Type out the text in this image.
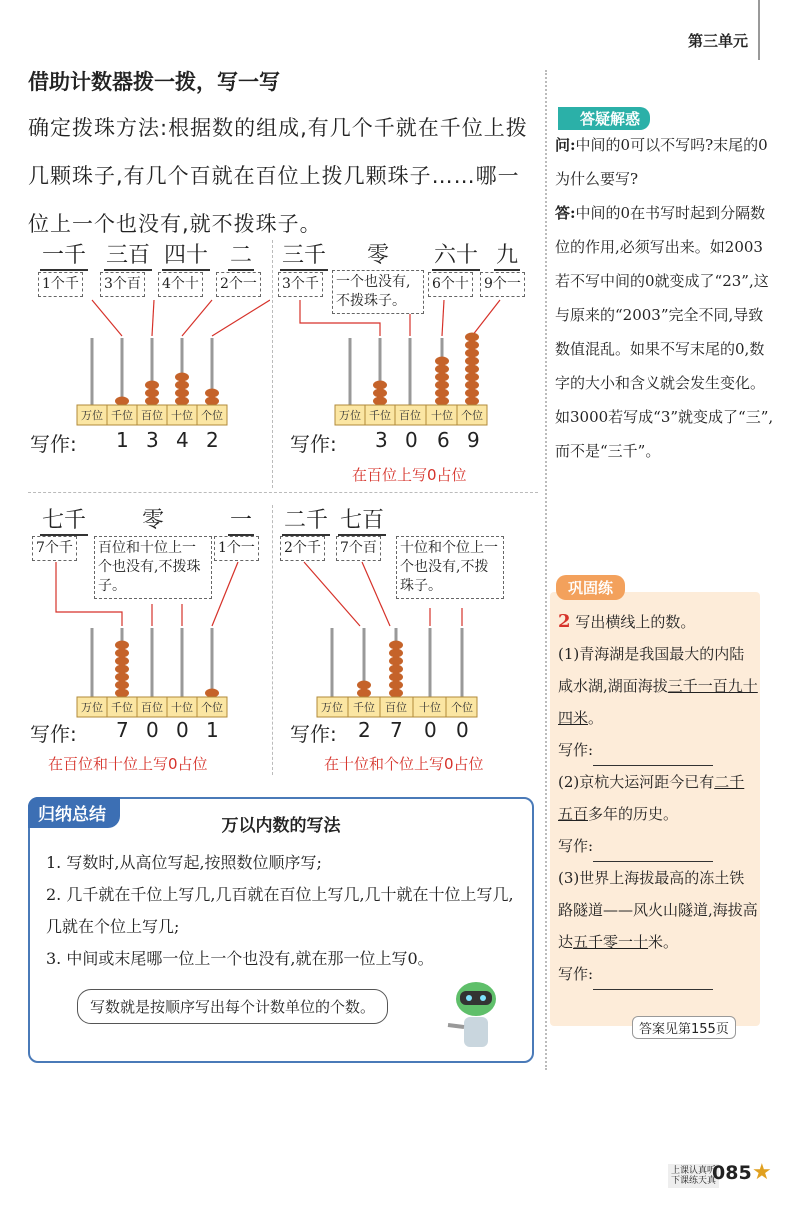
第三单元
借助计数器拨一拨，写一写
确定拨珠方法:根据数的组成,有几个千就在千位上拨几颗珠子,有几个百就在百位上拨几颗珠子……哪一位上一个也没有,就不拨珠子。
一千 三百 四十 二
1个千 3个百 4个十 2个一
万位 千位 百位 十位 个位
写作: 1 3 4 2
三千 零 六十 九
3个千 一个也没有,不拨珠子。
6个十 9个一
万位 千位 百位 十位 个位
写作: 3 0 6 9
在百位上写0占位
七千	零	一
7个千 百位和十位上一个也没有,不拨珠子。
1个一
万位 千位 百位 十位 个位
写作: 7 0 0 1
在百位和十位上写0占位
二千 七百
2个千 7个百 十位和个位上一个也没有,不拨珠子。
万位 千位 百位 十位 个位
写作: 2 7 0 0
在十位和个位上写0占位
归纳总结
万以内数的写法
1. 写数时,从高位写起,按照数位顺序写;
2. 几千就在千位上写几,几百就在百位上写几,几十就在十位上写几,几就在个位上写几;
3. 中间或末尾哪一位上一个也没有,就在那一位上写0。
写数就是按顺序写出每个计数单位的个数。
答疑解惑
问:中间的0可以不写吗?末尾的0为什么要写?
答:中间的0在书写时起到分隔数位的作用,必须写出来。如2003若不写中间的0就变成了“23”,这与原来的“2003”完全不同,导致数值混乱。如果不写末尾的0,数字的大小和含义就会发生变化。如3000若写成“3”就变成了“三”,而不是“三千”。
巩固练
2 写出横线上的数。
(1)青海湖是我国最大的内陆咸水湖,湖面海拔三千一百九十四米。
写作:
(2)京杭大运河距今已有二千五百多年的历史。
写作:
(3)世界上海拔最高的冻土铁路隧道——风火山隧道,海拔高达五千零一十米。
写作:
答案见第155页
上课认真听
下课练天真
085 ★
